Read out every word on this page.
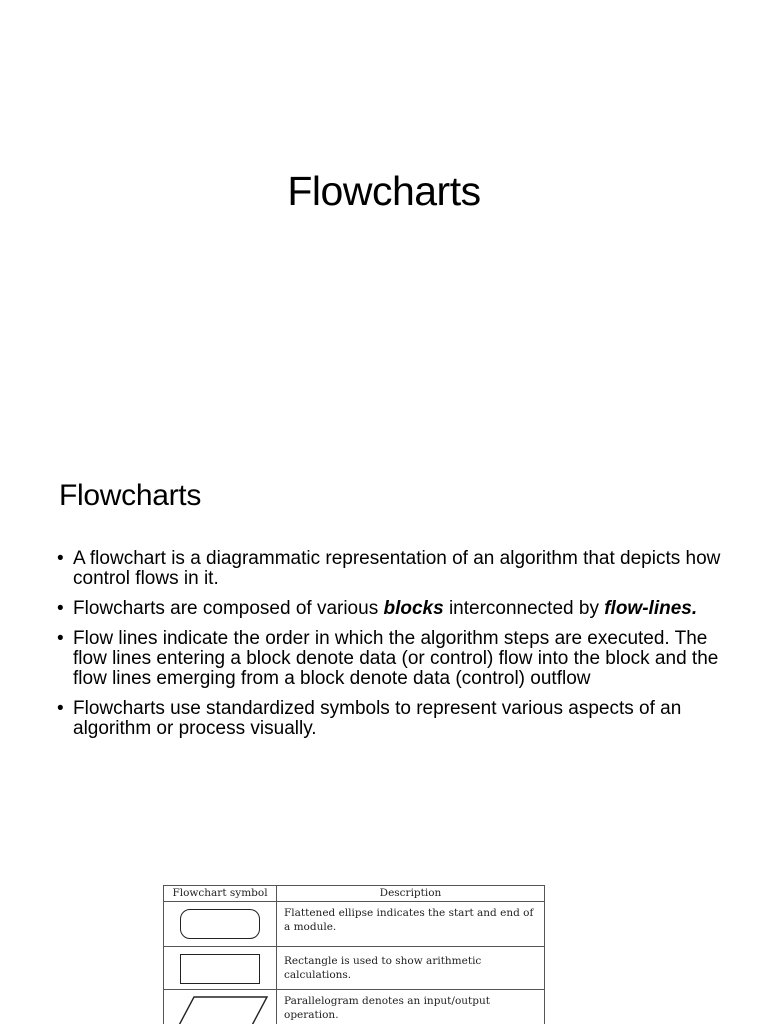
Flowcharts
Flowcharts
• A flowchart is a diagrammatic representation of an algorithm that depicts how control flows in it.
• Flowcharts are composed of various blocks interconnected by flow-lines.
• Flow lines indicate the order in which the algorithm steps are executed. The flow lines entering a block denote data (or control) flow into the block and the flow lines emerging from a block denote data (control) outflow
• Flowcharts use standardized symbols to represent various aspects of an algorithm or process visually.
Flowchart symbol	Description

	Flattened ellipse indicates the start and end of a module.

	Rectangle is used to show arithmetic calculations.

	Parallelogram denotes an input/output operation.
